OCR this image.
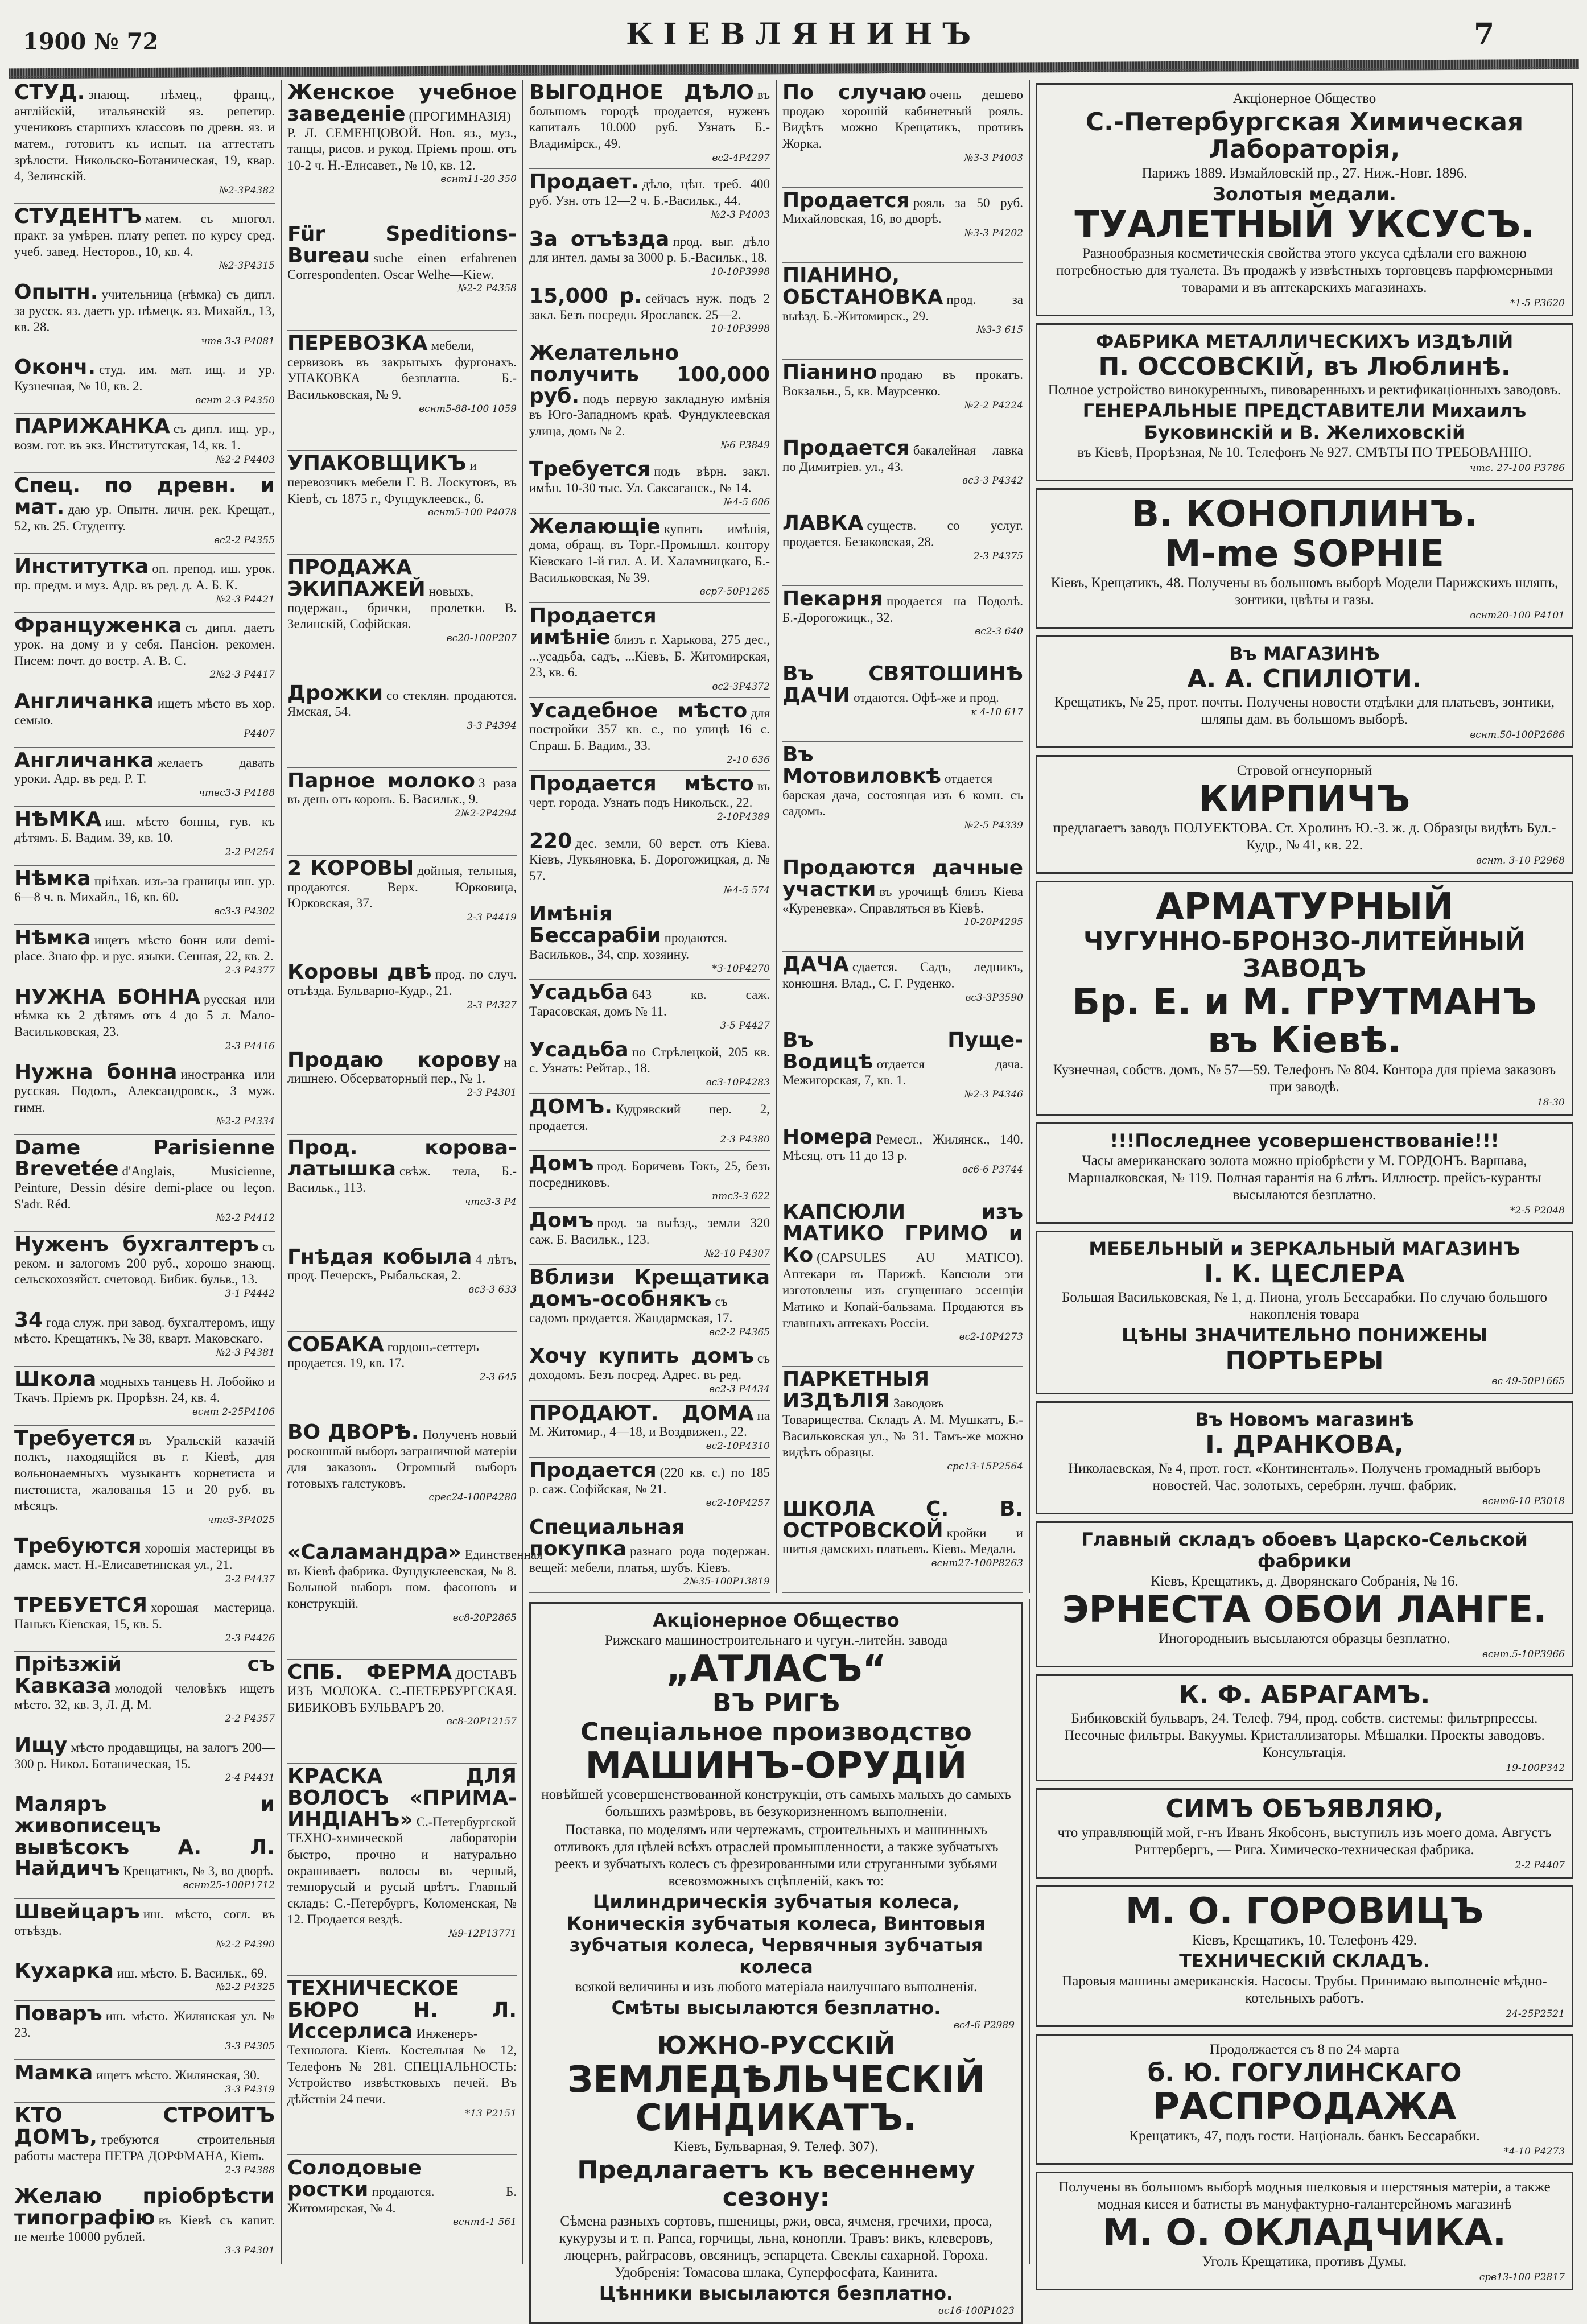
1900 № 72	КІЕВЛЯНИНЪ	7
СТУД. знающ. нѣмец., франц., англійскій, итальянскій яз. репетир. учениковъ старшихъ классовъ по древн. яз. и матем., готовитъ къ испыт. на аттестатъ зрѣлости. Никольско-Ботаническая, 19, квар. 4, Зелинскій.
№2-3Р4382
СТУДЕНТЪ матем. съ многол. практ. за умѣрен. плату репет. по курсу сред. учеб. завед. Несторов., 10, кв. 4.
№2-3Р4315
Опытн. учительница (нѣмка) съ дипл. за русск. яз. даетъ ур. нѣмецк. яз. Михайл., 13, кв. 28.
чтв 3-3 Р4081
Оконч. студ. им. мат. ищ. и ур. Кузнечная, № 10, кв. 2.
вснт 2-3 Р4350
ПАРИЖАНКА съ дипл. ищ. ур., возм. гот. въ экз. Институтская, 14, кв. 1.
№2-2 Р4403
Спец. по древн. и мат. даю ур. Опытн. личн. рек. Крещат., 52, кв. 25. Студенту.
вс2-2 Р4355
Институтка оп. препод. иш. урок. пр. предм. и муз. Адр. въ ред. д. А. Б. К.
№2-3 Р4421
Француженка съ дипл. даетъ урок. на дому и у себя. Пансіон. рекомен. Писем: почт. до востр. А. В. С.
2№2-3 Р4417
Англичанка ищетъ мѣсто въ хор. семью.
Р4407
Англичанка желаетъ давать уроки. Адр. въ ред. Р. Т.
чтвс3-3 Р4188
НѢМКА иш. мѣсто бонны, гув. къ дѣтямъ. Б. Вадим. 39, кв. 10.
2-2 Р4254
Нѣмка пріѣхав. изъ-за границы иш. ур. 6—8 ч. в. Михайл., 16, кв. 60.
вс3-3 Р4302
Нѣмка ищетъ мѣсто бонн или demi-place. Знаю фр. и рус. языки. Сенная, 22, кв. 2.
2-3 Р4377
НУЖНА БОННА русская или нѣмка къ 2 дѣтямъ отъ 4 до 5 л. Мало-Васильковская, 23.
2-3 Р4416
Нужна бонна иностранка или русская. Подолъ, Александровск., 3 муж. гимн.
№2-2 Р4334
Dame Parisienne Brevetée d'Anglais, Musicienne, Peinture, Dessin désire demi-place ou leçon. S'adr. Réd.
№2-2 Р4412
Нуженъ бухгалтеръ съ реком. и залогомъ 200 руб., хорошо знающ. сельскохозяйст. счетовод. Бибик. бульв., 13.
3-1 Р4442
34 года служ. при завод. бухгалтеромъ, ищу мѣсто. Крещатикъ, № 38, кварт. Маковскаго.
№2-3 Р4381
Школа модныхъ танцевъ Н. Лобойко и Ткачъ. Пріемъ рк. Прорѣзн. 24, кв. 4.
вснт 2-25Р4106
Требуется въ Уральскій казачій полкъ, находящійся въ г. Кіевѣ, для вольнонаемныхъ музыкантъ корнетиста и пистониста, жалованья 15 и 20 руб. въ мѣсяцъ.
чтс3-3Р4025
Требуются хорошія мастерицы въ дамск. маст. Н.-Елисаветинская ул., 21.
2-2 Р4437
ТРЕБУЕТСЯ хорошая мастерица. Панькъ Кіевская, 15, кв. 5.
2-3 Р4426
Пріѣзжій съ Кавказа молодой человѣкъ ищетъ мѣсто. 32, кв. 3, Л. Д. М.
2-2 Р4357
Ищу мѣсто продавщицы, на залогъ 200—300 р. Никол. Ботаническая, 15.
2-4 Р4431
Маляръ и живописецъ вывѣсокъ А. Л. Найдичъ Крещатикъ, № 3, во дворѣ.
вснт25-100Р1712
Швейцаръ иш. мѣсто, согл. въ отъѣздъ.
№2-2 Р4390
Кухарка иш. мѣсто. Б. Васильк., 69.
№2-2 Р4325
Поваръ иш. мѣсто. Жилянская ул. № 23.
3-3 Р4305
Мамка ищетъ мѣсто. Жилянская, 30.
3-3 Р4319
КТО СТРОИТЪ ДОМЪ, требуются строительныя работы мастера ПЕТРА ДОРФМАНА, Кіевъ.
2-3 Р4388
Желаю пріобрѣсти типографію въ Кіевѣ съ капит. не менѣе 10000 рублей.
3-3 Р4301
Женское учебное заведеніе (ПРОГИМНАЗІЯ) Р. Л. СЕМЕНЦОВОЙ. Нов. яз., муз., танцы, рисов. и рукод. Пріемъ прош. отъ 10-2 ч. Н.-Елисавет., № 10, кв. 12.
вснт11-20 350
Für Speditions-Bureau suche einen erfahrenen Correspondenten. Oscar Welhe—Kiew.
№2-2 Р4358
ПЕРЕВОЗКА мебели, сервизовъ въ закрытыхъ фургонахъ. УПАКОВКА безплатна. Б.-Васильковская, № 9.
вснт5-88-100 1059
УПАКОВЩИКЪ и перевозчикъ мебели Г. В. Лоскутовъ, въ Кіевѣ, съ 1875 г., Фундуклеевск., 6.
вснт5-100 Р4078
ПРОДАЖА ЭКИПАЖЕЙ новыхъ, подержан., брички, пролетки. В. Зелинскій, Софійская.
вс20-100Р207
Дрожки со стеклян. продаются. Ямская, 54.
3-3 Р4394
Парное молоко 3 раза въ день отъ коровъ. Б. Васильк., 9.
2№2-2Р4294
2 КОРОВЫ дойныя, тельныя, продаются. Верх. Юрковица, Юрковская, 37.
2-3 Р4419
Коровы двѣ прод. по случ. отъѣзда. Бульварно-Кудр., 21.
2-3 Р4327
Продаю корову на лишнею. Обсерваторный пер., № 1.
2-3 Р4301
Прод. корова-латышка свѣж. тела, Б.-Васильк., 113.
чтс3-3 Р4
Гнѣдая кобыла 4 лѣтъ, прод. Печерскъ, Рыбальская, 2.
вс3-3 633
СОБАКА гордонъ-сеттеръ продается. 19, кв. 17.
2-3 645
ВО ДВОРѢ. Полученъ новый роскошный выборъ заграничной матеріи для заказовъ. Огромный выборъ готовыхъ галстуковъ.
срес24-100Р4280
«Саламандра» Единственная въ Кіевѣ фабрика. Фундуклеевская, № 8. Большой выборъ пом. фасоновъ и конструкцій.
вс8-20Р2865
СПБ. ФЕРМА ДОСТАВЪ ИЗЪ МОЛОКА. С.-ПЕТЕРБУРГСКАЯ. БИБИКОВЪ БУЛЬВАРЪ 20.
вс8-20Р12157
КРАСКА ДЛЯ ВОЛОСЪ «ПРИМА-ИНДІАНЪ» С.-Петербургской ТЕХНО-химической лабораторіи быстро, прочно и натурально окрашиваетъ волосы въ черный, темнорусый и русый цвѣтъ. Главный складъ: С.-Петербургъ, Коломенская, № 12. Продается вездѣ.
№9-12Р13771
ТЕХНИЧЕСКОЕ БЮРО Н. Л. Иссерлиса Инженеръ-Технолога. Кіевъ. Костельная № 12, Телефонъ № 281. СПЕЦІАЛЬНОСТЬ: Устройство извѣстковыхъ печей. Въ дѣйствіи 24 печи.
*13 Р2151
Солодовые ростки продаются. Б. Житомирская, № 4.
вснт4-1 561
ВЫГОДНОЕ ДѢЛО въ большомъ городѣ продается, нуженъ капиталъ 10.000 руб. Узнать Б.-Владимірск., 49.
вс2-4Р4297
Продает. дѣло, цѣн. треб. 400 руб. Узн. отъ 12—2 ч. Б.-Васильк., 44.
№2-3 Р4003
За отъѣзда прод. выг. дѣло для интел. дамы за 3000 р. Б.-Васильк., 18.
10-10Р3998
15,000 р. сейчасъ нуж. подъ 2 закл. Безъ посредн. Ярославск. 25—2.
10-10Р3998
Желательно получить 100,000 руб. подъ первую закладную имѣнія въ Юго-Западномъ краѣ. Фундуклеевская улица, домъ № 2.
№6 Р3849
Требуется подъ вѣрн. закл. имѣн. 10-30 тыс. Ул. Саксаганск., № 14.
№4-5 606
Желающіе купить имѣнія, дома, обращ. въ Торг.-Промышл. контору Кіевскаго 1-й гил. А. И. Халамницкаго, Б.-Васильковская, № 39.
вср7-50Р1265
Продается имѣніе близъ г. Харькова, 275 дес., ...усадьба, садъ, ...Кіевъ, Б. Житомирская, 23, кв. 6.
вс2-3Р4372
Усадебное мѣсто для постройки 357 кв. с., по улицѣ 16 с. Спраш. Б. Вадим., 33.
2-10 636
Продается мѣсто въ черт. города. Узнать подъ Никольск., 22.
2-10Р4389
220 дес. земли, 60 верст. отъ Кіева. Кіевъ, Лукьяновка, Б. Дорогожицкая, д. № 57.
№4-5 574
Имѣнія Бессарабіи продаются. Васильков., 34, спр. хозяину.
*3-10Р4270
Усадьба 643 кв. саж. Тарасовская, домъ № 11.
3-5 Р4427
Усадьба по Стрѣлецкой, 205 кв. с. Узнать: Рейтар., 18.
вс3-10Р4283
ДОМЪ. Кудрявский пер. 2, продается.
2-3 Р4380
Домъ прод. Боричевъ Токъ, 25, безъ посредниковъ.
птс3-3 622
Домъ прод. за выѣзд., земли 320 саж. Б. Васильк., 123.
№2-10 Р4307
Вблизи Крещатика домъ-особнякъ съ садомъ продается. Жандармская, 17.
вс2-2 Р4365
Хочу купить домъ съ доходомъ. Безъ посред. Адрес. въ ред.
вс2-3 Р4434
ПРОДАЮТ. ДОМА на М. Житомир., 4—18, и Воздвижен., 22.
вс2-10Р4310
Продается (220 кв. с.) по 185 р. саж. Софійская, № 21.
вс2-10Р4257
Специальная покупка разнаго рода подержан. вещей: мебели, платья, шубъ. Кіевъ.
2№35-100Р13819
По случаю очень дешево продаю хорошій кабинетный рояль. Видѣть можно Крещатикъ, противъ Жорка.
№3-3 Р4003
Продается рояль за 50 руб. Михайловская, 16, во дворѣ.
№3-3 Р4202
ПІАНИНО, ОБСТАНОВКА прод. за выѣзд. Б.-Житомирск., 29.
№3-3 615
Піанино продаю въ прокатъ. Вокзальн., 5, кв. Маурсенко.
№2-2 Р4224
Продается бакалейная лавка по Димитріев. ул., 43.
вс3-3 Р4342
ЛАВКА существ. со услуг. продается. Безаковская, 28.
2-3 Р4375
Пекарня продается на Подолѣ. Б.-Дорогожицк., 32.
вс2-3 640
Въ СВЯТОШИНѢ ДАЧИ отдаются. Офѣ-же и прод.
к 4-10 617
Въ Мотовиловкѣ отдается барская дача, состоящая изъ 6 комн. съ садомъ.
№2-5 Р4339
Продаются дачные участки въ урочищѣ близъ Кіева «Куреневка». Справляться въ Кіевѣ.
10-20Р4295
ДАЧА сдается. Садъ, ледникъ, конюшня. Влад., С. Г. Руденко.
вс3-3Р3590
Въ Пуще-Водицѣ отдается дача. Межигорская, 7, кв. 1.
№2-3 Р4346
Номера Ремесл., Жилянск., 140. Мѣсяц. отъ 11 до 13 р.
вс6-6 Р3744
КАПСЮЛИ изъ МАТИКО ГРИМО и Ко (CAPSULES AU MATICO). Аптекари въ Парижѣ. Капсюли эти изготовлены изъ сгущеннаго эссенціи Матико и Копай-бальзама. Продаются въ главныхъ аптекахъ Россіи.
вс2-10Р4273
ПАРКЕТНЫЯ ИЗДѢЛІЯ Заводовъ Товарищества. Складъ А. М. Мушкатъ, Б.-Васильковская ул., № 31. Тамъ-же можно видѣть образцы.
срс13-15Р2564
ШКОЛА С. В. ОСТРОВСКОЙ кройки и шитья дамскихъ платьевъ. Кіевъ. Медали.
вснт27-100Р8263
Акціонерное Общество
Рижскаго машиностроительнаго и чугун.-литейн. завода
„АТЛАСЪ“
ВЪ РИГѢ
Спеціальное производство
МАШИНЪ-ОРУДІЙ
новѣйшей усовершенствованной конструкціи, отъ самыхъ малыхъ до самыхъ большихъ размѣровъ, въ безукоризненномъ выполненіи.
Поставка, по моделямъ или чертежамъ, строительныхъ и машинныхъ отливокъ для цѣлей всѣхъ отраслей промышленности, а также зубчатыхъ реекъ и зубчатыхъ колесъ съ фрезированными или струганными зубьями всевозможныхъ сцѣпленій, какъ то:
Цилиндрическія зубчатыя колеса, Коническія зубчатыя колеса, Винтовыя зубчатыя колеса, Червячныя зубчатыя колеса
всякой величины и изъ любого матеріала наилучшаго выполненія.
Смѣты высылаются безплатно.
вс4-6 Р2989
ЮЖНО-РУССКІЙ
ЗЕМЛЕДѢЛЬЧЕСКІЙ СИНДИКАТЪ.
Кіевъ, Бульварная, 9. Телеф. 307).
Предлагаетъ къ весеннему сезону:
Сѣмена разныхъ сортовъ, пшеницы, ржи, овса, ячменя, гречихи, проса, кукурузы и т. п. Рапса, горчицы, льна, конопли. Травъ: викъ, клеверовъ, люцернъ, райграсовъ, овсяницъ, эспарцета. Свеклы сахарной. Гороха. Удобренія: Томасова шлака, Суперфосфата, Каинита.
Цѣнники высылаются безплатно.
вс16-100Р1023
Акціонерное Общество
С.-Петербургская Химическая Лабораторія,
Парижъ 1889. Измайловскій пр., 27. Ниж.-Новг. 1896.
Золотыя медали.
ТУАЛЕТНЫЙ УКСУСЪ.
Разнообразныя косметическія свойства этого уксуса сдѣлали его важною потребностью для туалета. Въ продажѣ у извѣстныхъ торговцевъ парфюмерными товарами и въ аптекарскихъ магазинахъ.
*1-5 Р3620
ФАБРИКА МЕТАЛЛИЧЕСКИХЪ ИЗДѢЛІЙ
П. ОССОВСКІЙ, въ Люблинѣ.
Полное устройство винокуренныхъ, пивоваренныхъ и ректификаціонныхъ заводовъ.
ГЕНЕРАЛЬНЫЕ ПРЕДСТАВИТЕЛИ Михаилъ Буковинскій и В. Желиховскій
въ Кіевѣ, Прорѣзная, № 10. Телефонъ № 927. СМѢТЫ ПО ТРЕБОВАНІЮ.
чтс. 27-100 Р3786
В. КОНОПЛИНЪ.
M-me SOPHIE
Кіевъ, Крещатикъ, 48. Получены въ большомъ выборѣ Модели Парижскихъ шляпъ, зонтики, цвѣты и газы.
вснт20-100 Р4101
Въ МАГАЗИНѢ
А. А. СПИЛІОТИ.
Крещатикъ, № 25, прот. почты. Получены новости отдѣлки для платьевъ, зонтики, шляпы дам. въ большомъ выборѣ.
вснт.50-100Р2686
Стровой огнеупорный
КИРПИЧЪ
предлагаетъ заводъ ПОЛУЕКТОВА. Ст. Хролинъ Ю.-З. ж. д. Образцы видѣть Бул.-Кудр., № 41, кв. 22.
вснт. 3-10 Р2968
АРМАТУРНЫЙ
ЧУГУННО-БРОНЗО-ЛИТЕЙНЫЙ ЗАВОДЪ
Бр. Е. и М. ГРУТМАНЪ въ Кіевѣ.
Кузнечная, собств. домъ, № 57—59. Телефонъ № 804. Контора для пріема заказовъ при заводѣ.
18-30
!!!Последнее усовершенствованіе!!!
Часы американскаго золота можно пріобрѣсти у М. ГОРДОНЪ. Варшава, Маршалковская, № 119. Полная гарантія на 6 лѣтъ. Иллюстр. прейсъ-куранты высылаются безплатно.
*2-5 Р2048
МЕБЕЛЬНЫЙ и ЗЕРКАЛЬНЫЙ МАГАЗИНЪ
І. К. ЦЕСЛЕРА
Большая Васильковская, № 1, д. Пиона, уголъ Бессарабки. По случаю большого накопленія товара
ЦѢНЫ ЗНАЧИТЕЛЬНО ПОНИЖЕНЫ
ПОРТЬЕРЫ
вс 49-50Р1665
Въ Новомъ магазинѣ
І. ДРАНКОВА,
Николаевская, № 4, прот. гост. «Континенталь». Полученъ громадный выборъ новостей. Час. золотыхъ, серебрян. лучш. фабрик.
вснт6-10 Р3018
Главный складъ обоевъ Царско-Сельской фабрики
Кіевъ, Крещатикъ, д. Дворянскаго Собранія, № 16.
ЭРНЕСТА ОБОИ ЛАНГЕ.
Иногородныиъ высылаются образцы безплатно.
вснт.5-10Р3966
К. Ф. АБРАГАМЪ.
Бибиковскій бульваръ, 24. Телеф. 794, прод. собств. системы: фильтрпрессы. Песочные фильтры. Вакуумы. Кристаллизаторы. Мѣшалки. Проекты заводовъ. Консультація.
19-100Р342
СИМЪ ОБЪЯВЛЯЮ,
что управляющій мой, г-нъ Иванъ Якобсонъ, выступилъ изъ моего дома. Августъ Риттербергъ, — Рига. Химическо-техническая фабрика.
2-2 Р4407
М. О. ГОРОВИЦЪ
Кіевъ, Крещатикъ, 10. Телефонъ 429.
ТЕХНИЧЕСКІЙ СКЛАДЪ.
Паровыя машины американскія. Насосы. Трубы. Принимаю выполненіе мѣдно-котельныхъ работъ.
24-25Р2521
Продолжается съ 8 по 24 марта
б. Ю. ГОГУЛИНСКАГО
РАСПРОДАЖА
Крещатикъ, 47, подъ гости. Національ. банкъ Бессарабки.
*4-10 Р4273
Получены въ большомъ выборѣ модныя шелковыя и шерстяныя матеріи, а также модная кисея и батисты въ мануфактурно-галантерейномъ магазинѣ
М. О. ОКЛАДЧИКА.
Уголъ Крещатика, противъ Думы.
срв13-100 Р2817
